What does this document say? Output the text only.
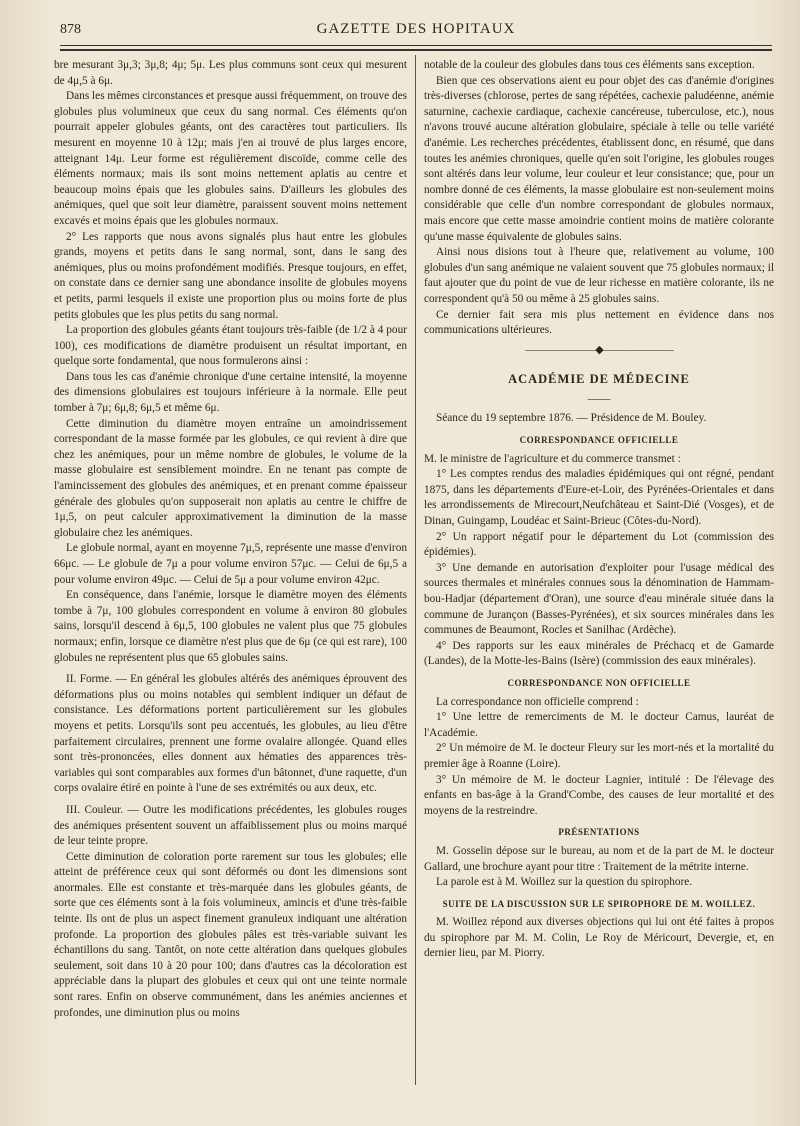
878	GAZETTE DES HOPITAUX

bre mesurant 3μ,3; 3μ,8; 4μ; 5μ. Les plus communs sont ceux qui mesurent de 4μ,5 à 6μ.

Dans les mêmes circonstances et presque aussi fréquemment, on trouve des globules plus volumineux que ceux du sang normal. Ces éléments qu'on pourrait appeler globules géants, ont des caractères tout particuliers. Ils mesurent en moyenne 10 à 12μ; mais j'en ai trouvé de plus larges encore, atteignant 14μ. Leur forme est régulièrement discoïde, comme celle des éléments normaux; mais ils sont moins nettement aplatis au centre et beaucoup moins épais que les globules sains. D'ailleurs les globules des anémiques, quel que soit leur diamètre, paraissent souvent moins nettement excavés et moins épais que les globules normaux.

2° Les rapports que nous avons signalés plus haut entre les globules grands, moyens et petits dans le sang normal, sont, dans le sang des anémiques, plus ou moins profondément modifiés. Presque toujours, en effet, on constate dans ce dernier sang une abondance insolite de globules moyens et petits, parmi lesquels il existe une proportion plus ou moins forte de plus petits globules que les plus petits du sang normal.

La proportion des globules géants étant toujours très-faible (de 1/2 à 4 pour 100), ces modifications de diamètre produisent un résultat important, en quelque sorte fondamental, que nous formulerons ainsi :

Dans tous les cas d'anémie chronique d'une certaine intensité, la moyenne des dimensions globulaires est toujours inférieure à la normale. Elle peut tomber à 7μ; 6μ,8; 6μ,5 et même 6μ.

Cette diminution du diamètre moyen entraîne un amoindrissement correspondant de la masse formée par les globules, ce qui revient à dire que chez les anémiques, pour un même nombre de globules, le volume de la masse globulaire est sensiblement moindre. En ne tenant pas compte de l'amincissement des globules des anémiques, et en prenant comme épaisseur générale des globules qu'on supposerait non aplatis au centre le chiffre de 1μ,5, on peut calculer approximativement la diminution de la masse globulaire chez les anémiques.

Le globule normal, ayant en moyenne 7μ,5, représente une masse d'environ 66μc. — Le globule de 7μ a pour volume environ 57μc. — Celui de 6μ,5 a pour volume environ 49μc. — Celui de 5μ a pour volume environ 42μc.

En conséquence, dans l'anémie, lorsque le diamètre moyen des éléments tombe à 7μ, 100 globules correspondent en volume à environ 80 globules sains, lorsqu'il descend à 6μ,5, 100 globules ne valent plus que 75 globules normaux; enfin, lorsque ce diamètre n'est plus que de 6μ (ce qui est rare), 100 globules ne représentent plus que 65 globules sains.

II. Forme. — En général les globules altérés des anémiques éprouvent des déformations plus ou moins notables qui semblent indiquer un défaut de consistance. Les déformations portent particulièrement sur les globules moyens et petits. Lorsqu'ils sont peu accentués, les globules, au lieu d'être parfaitement circulaires, prennent une forme ovalaire allongée. Quand elles sont très-prononcées, elles donnent aux hématies des apparences très-variables qui sont comparables aux formes d'un bâtonnet, d'une raquette, d'un corps ovalaire étiré en pointe à l'une de ses extrémités ou aux deux, etc.

III. Couleur. — Outre les modifications précédentes, les globules rouges des anémiques présentent souvent un affaiblissement plus ou moins marqué de leur teinte propre.

Cette diminution de coloration porte rarement sur tous les globules; elle atteint de préférence ceux qui sont déformés ou dont les dimensions sont anormales. Elle est constante et très-marquée dans les globules géants, de sorte que ces éléments sont à la fois volumineux, amincis et d'une très-faible teinte. Ils ont de plus un aspect finement granuleux indiquant une altération profonde. La proportion des globules pâles est très-variable suivant les échantillons du sang. Tantôt, on note cette altération dans quelques globules seulement, soit dans 10 à 20 pour 100; dans d'autres cas la décoloration est appréciable dans la plupart des globules et ceux qui ont une teinte normale sont rares. Enfin on observe communément, dans les anémies anciennes et profondes, une diminution plus ou moins

notable de la couleur des globules dans tous ces éléments sans exception.

Bien que ces observations aient eu pour objet des cas d'anémie d'origines très-diverses (chlorose, pertes de sang répétées, cachexie paludéenne, anémie saturnine, cachexie cardiaque, cachexie cancéreuse, tuberculose, etc.), nous n'avons trouvé aucune altération globulaire, spéciale à telle ou telle variété d'anémie. Les recherches précédentes, établissent donc, en résumé, que dans toutes les anémies chroniques, quelle qu'en soit l'origine, les globules rouges sont altérés dans leur volume, leur couleur et leur consistance; que, pour un nombre donné de ces éléments, la masse globulaire est non-seulement moins considérable que celle d'un nombre correspondant de globules normaux, mais encore que cette masse amoindrie contient moins de matière colorante qu'une masse équivalente de globules sains.

Ainsi nous disions tout à l'heure que, relativement au volume, 100 globules d'un sang anémique ne valaient souvent que 75 globules normaux; il faut ajouter que du point de vue de leur richesse en matière colorante, ils ne correspondent qu'à 50 ou même à 25 globules sains.

Ce dernier fait sera mis plus nettement en évidence dans nos communications ultérieures.

———————◆———————
ACADÉMIE DE MÉDECINE
——

Séance du 19 septembre 1876. — Présidence de M. Bouley.

CORRESPONDANCE OFFICIELLE

M. le ministre de l'agriculture et du commerce transmet :

1° Les comptes rendus des maladies épidémiques qui ont régné, pendant 1875, dans les départements d'Eure-et-Loir, des Pyrénées-Orientales et dans les arrondissements de Mirecourt,Neufchâteau et Saint-Dié (Vosges), et de Dinan, Guingamp, Loudéac et Saint-Brieuc (Côtes-du-Nord).

2° Un rapport négatif pour le département du Lot (commission des épidémies).

3° Une demande en autorisation d'exploiter pour l'usage médical des sources thermales et minérales connues sous la dénomination de Hammam-bou-Hadjar (département d'Oran), une source d'eau minérale située dans la commune de Jurançon (Basses-Pyrénées), et six sources minérales dans les communes de Beaumont, Rocles et Sanilhac (Ardèche).

4° Des rapports sur les eaux minérales de Préchacq et de Gamarde (Landes), de la Motte-les-Bains (Isère) (commission des eaux minérales).

CORRESPONDANCE NON OFFICIELLE

La correspondance non officielle comprend :

1° Une lettre de remerciments de M. le docteur Camus, lauréat de l'Académie.

2° Un mémoire de M. le docteur Fleury sur les mort-nés et la mortalité du premier âge à Roanne (Loire).

3° Un mémoire de M. le docteur Lagnier, intitulé : De l'élevage des enfants en bas-âge à la Grand'Combe, des causes de leur mortalité et des moyens de la restreindre.

PRÉSENTATIONS

M. Gosselin dépose sur le bureau, au nom et de la part de M. le docteur Gallard, une brochure ayant pour titre : Traitement de la métrite interne.

La parole est à M. Woillez sur la question du spirophore.

SUITE DE LA DISCUSSION SUR LE SPIROPHORE DE M. WOILLEZ.

M. Woillez répond aux diverses objections qui lui ont été faites à propos du spirophore par M. M. Colin, Le Roy de Méricourt, Devergie, et, en dernier lieu, par M. Piorry.
